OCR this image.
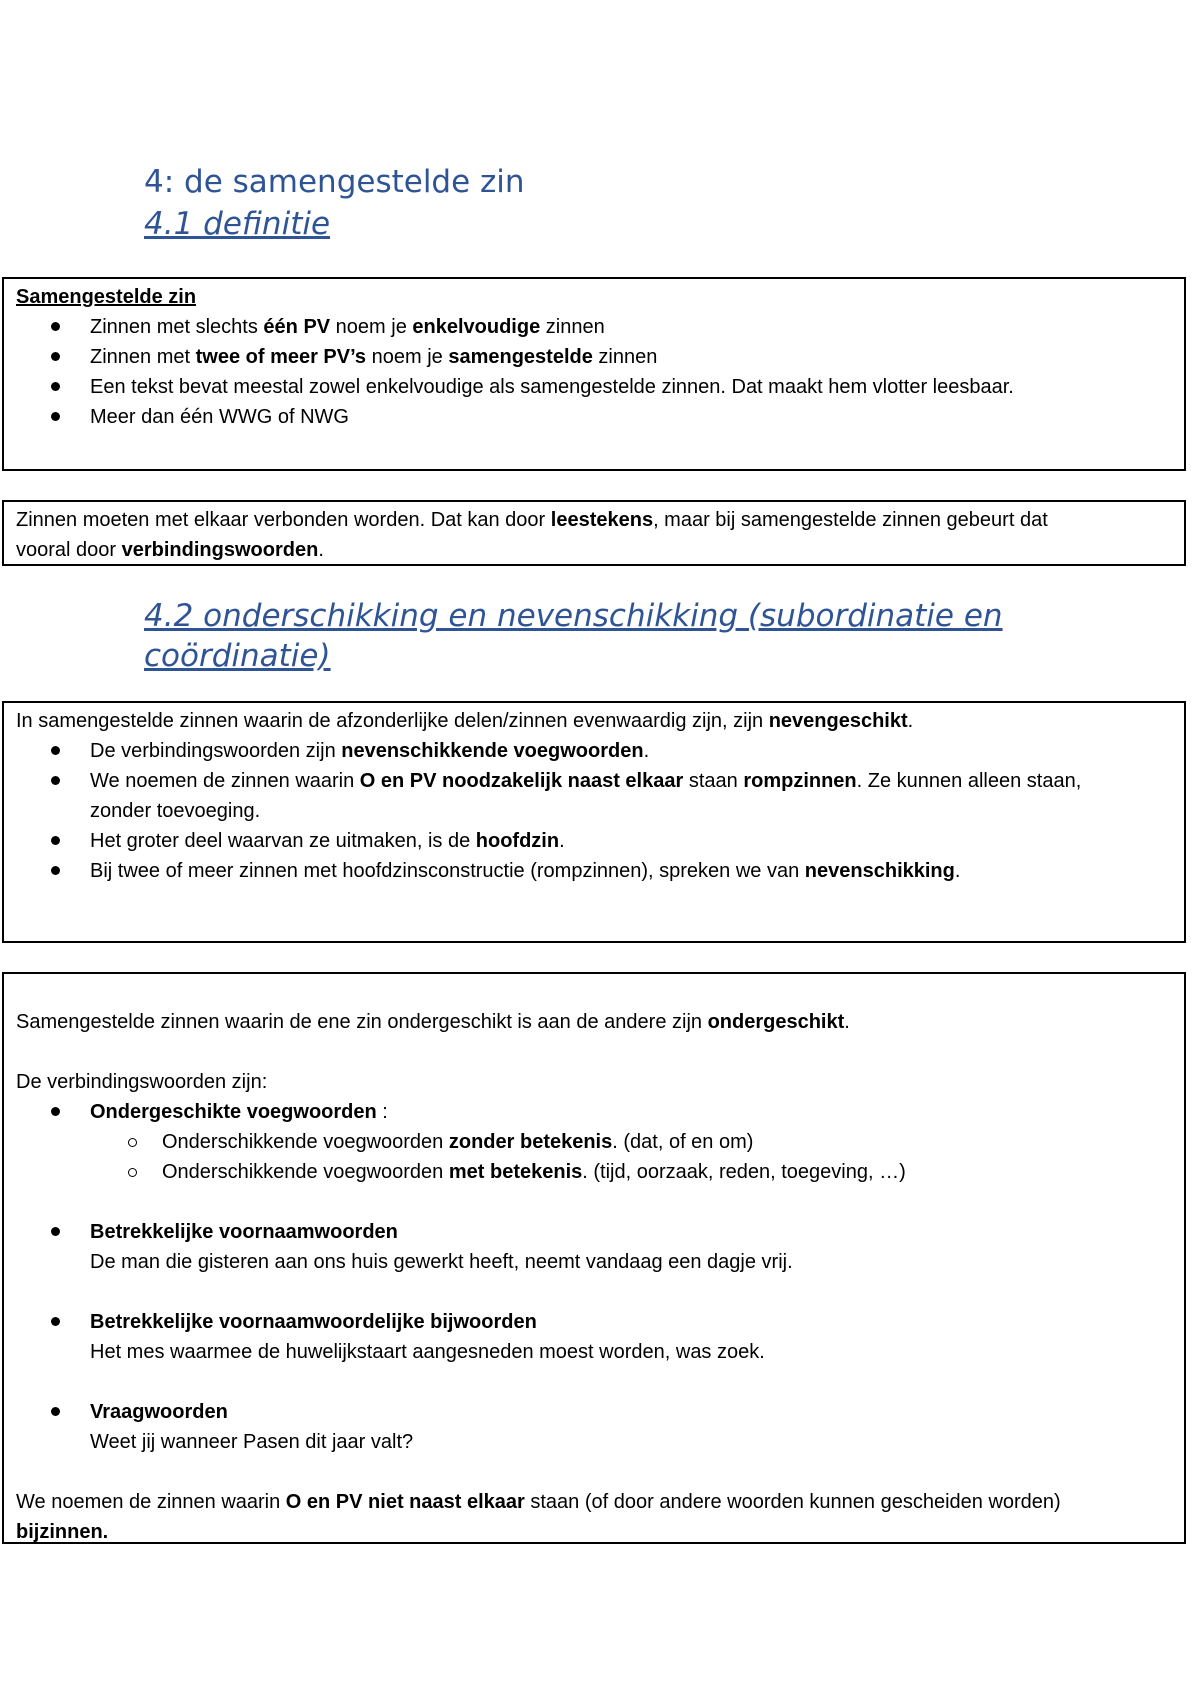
4: de samengestelde zin
4.1 definitie
Samengestelde zin
Zinnen met slechts één PV noem je enkelvoudige zinnen
Zinnen met twee of meer PV’s noem je samengestelde zinnen
Een tekst bevat meestal zowel enkelvoudige als samengestelde zinnen. Dat maakt hem vlotter leesbaar.
Meer dan één WWG of NWG
Zinnen moeten met elkaar verbonden worden. Dat kan door leestekens, maar bij samengestelde zinnen gebeurt dat
vooral door verbindingswoorden.
4.2 onderschikking en nevenschikking (subordinatie en
coördinatie)
In samengestelde zinnen waarin de afzonderlijke delen/zinnen evenwaardig zijn, zijn nevengeschikt.
De verbindingswoorden zijn nevenschikkende voegwoorden.
We noemen de zinnen waarin O en PV noodzakelijk naast elkaar staan rompzinnen. Ze kunnen alleen staan,
zonder toevoeging.
Het groter deel waarvan ze uitmaken, is de hoofdzin.
Bij twee of meer zinnen met hoofdzinsconstructie (rompzinnen), spreken we van nevenschikking.
Samengestelde zinnen waarin de ene zin ondergeschikt is aan de andere zijn ondergeschikt.
De verbindingswoorden zijn:
Ondergeschikte voegwoorden :
Onderschikkende voegwoorden zonder betekenis. (dat, of en om)
Onderschikkende voegwoorden met betekenis. (tijd, oorzaak, reden, toegeving, …)
Betrekkelijke voornaamwoorden
De man die gisteren aan ons huis gewerkt heeft, neemt vandaag een dagje vrij.
Betrekkelijke voornaamwoordelijke bijwoorden
Het mes waarmee de huwelijkstaart aangesneden moest worden, was zoek.
Vraagwoorden
Weet jij wanneer Pasen dit jaar valt?
We noemen de zinnen waarin O en PV niet naast elkaar staan (of door andere woorden kunnen gescheiden worden)
bijzinnen.
